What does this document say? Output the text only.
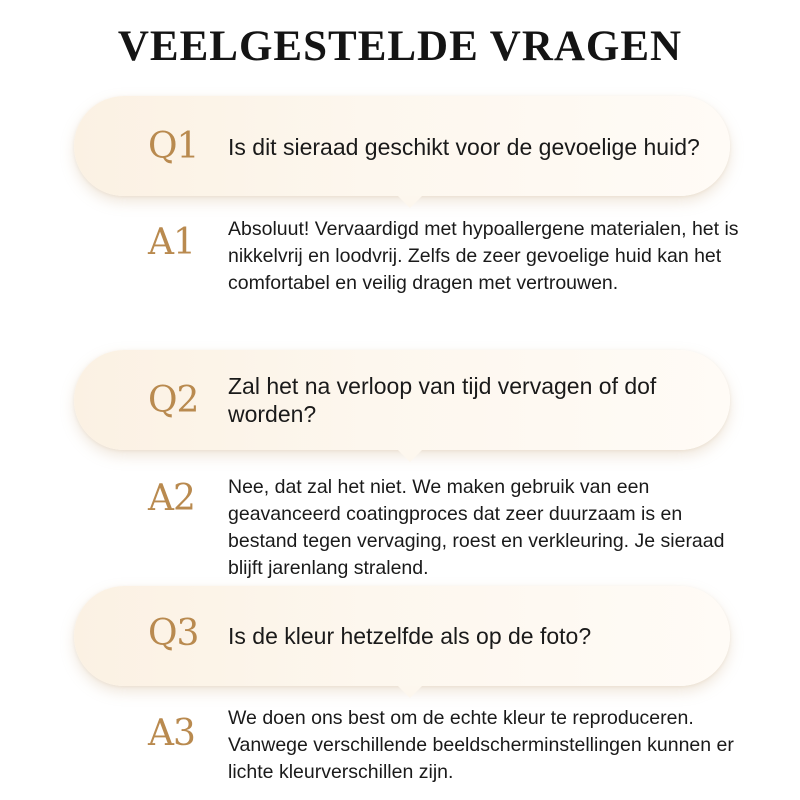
VEELGESTELDE VRAGEN
Q1	Is dit sieraad geschikt voor de gevoelige huid?
A1	Absoluut! Vervaardigd met hypoallergene materialen, het is nikkelvrij en loodvrij. Zelfs de zeer gevoelige huid kan het comfortabel en veilig dragen met vertrouwen.
Q2	Zal het na verloop van tijd vervagen of dof worden?
A2	Nee, dat zal het niet. We maken gebruik van een geavanceerd coatingproces dat zeer duurzaam is en bestand tegen vervaging, roest en verkleuring. Je sieraad blijft jarenlang stralend.
Q3	Is de kleur hetzelfde als op de foto?
A3	We doen ons best om de echte kleur te reproduceren. Vanwege verschillende beeldscherminstellingen kunnen er lichte kleurverschillen zijn.
